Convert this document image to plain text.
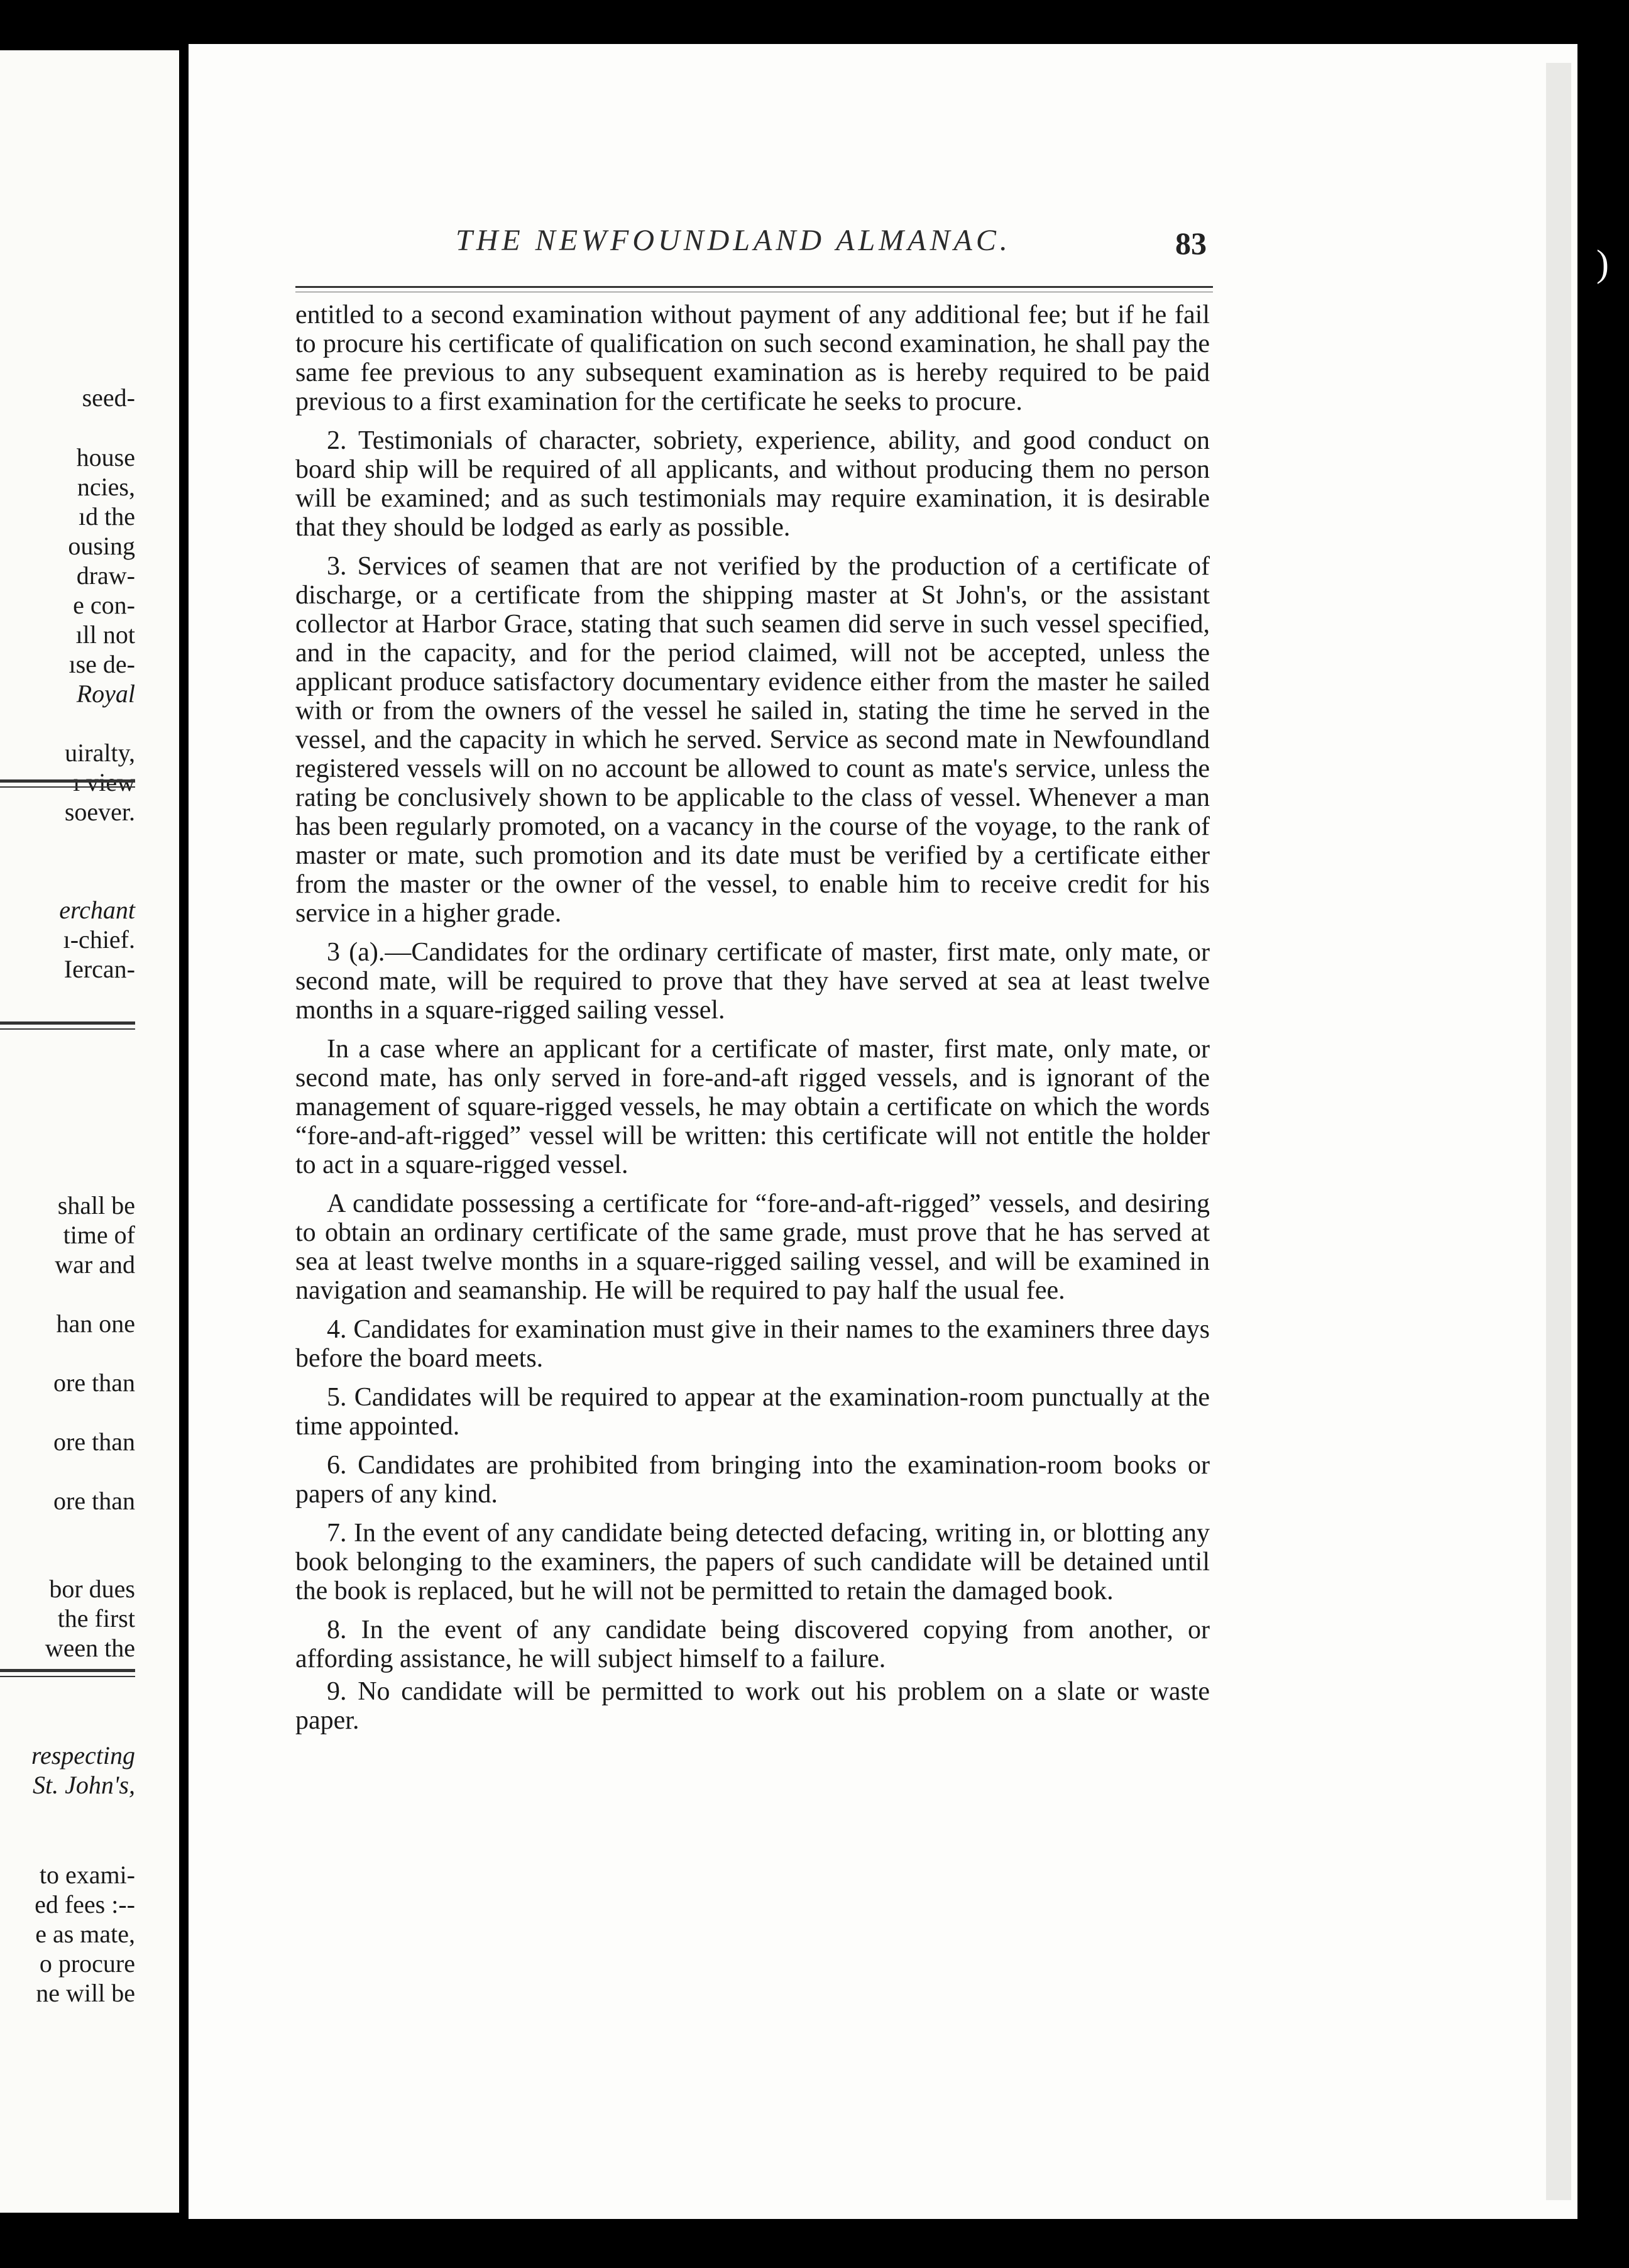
seed-
house
ncies,
ıd the
ousing
draw-
e con-
ıll not
ıse de-
Royal
uiralty,
ı view
soever.
erchant
ı-chief.
Iercan-
shall be
time of
war and
han one
ore than
ore than
ore than
bor dues
the first
ween the
respecting
St. John's,
to exami-
ed fees :--
e as mate,
o procure
ne will be
)
THE NEWFOUNDLAND ALMANAC.	83

entitled to a second examination without payment of any additional fee; but if he fail to procure his certificate of qualification on such second examination, he shall pay the same fee previous to any subsequent examination as is hereby required to be paid previous to a first examination for the certificate he seeks to procure.

2. Testimonials of character, sobriety, experience, ability, and good conduct on board ship will be required of all applicants, and without producing them no person will be examined; and as such testimonials may require examination, it is desirable that they should be lodged as early as possible.

3. Services of seamen that are not verified by the production of a certificate of discharge, or a certificate from the shipping master at St John's, or the assistant collector at Harbor Grace, stating that such seamen did serve in such vessel specified, and in the capacity, and for the period claimed, will not be accepted, unless the applicant produce satisfactory documentary evidence either from the master he sailed with or from the owners of the vessel he sailed in, stating the time he served in the vessel, and the capacity in which he served. Service as second mate in Newfoundland registered vessels will on no account be allowed to count as mate's service, unless the rating be conclusively shown to be applicable to the class of vessel. Whenever a man has been regularly promoted, on a vacancy in the course of the voyage, to the rank of master or mate, such promotion and its date must be verified by a certificate either from the master or the owner of the vessel, to enable him to receive credit for his service in a higher grade.

3 (a).—Candidates for the ordinary certificate of master, first mate, only mate, or second mate, will be required to prove that they have served at sea at least twelve months in a square-rigged sailing vessel.

In a case where an applicant for a certificate of master, first mate, only mate, or second mate, has only served in fore-and-aft rigged vessels, and is ignorant of the management of square-rigged vessels, he may obtain a certificate on which the words “fore-and-aft-rigged” vessel will be written: this certificate will not entitle the holder to act in a square-rigged vessel.

A candidate possessing a certificate for “fore-and-aft-rigged” vessels, and desiring to obtain an ordinary certificate of the same grade, must prove that he has served at sea at least twelve months in a square-rigged sailing vessel, and will be examined in navigation and seamanship. He will be required to pay half the usual fee.

4. Candidates for examination must give in their names to the examiners three days before the board meets.

5. Candidates will be required to appear at the examination-room punctually at the time appointed.

6. Candidates are prohibited from bringing into the examination-room books or papers of any kind.

7. In the event of any candidate being detected defacing, writing in, or blotting any book belonging to the examiners, the papers of such candidate will be detained until the book is replaced, but he will not be permitted to retain the damaged book.

8. In the event of any candidate being discovered copying from another, or affording assistance, he will subject himself to a failure.

9. No candidate will be permitted to work out his problem on a slate or waste paper.
